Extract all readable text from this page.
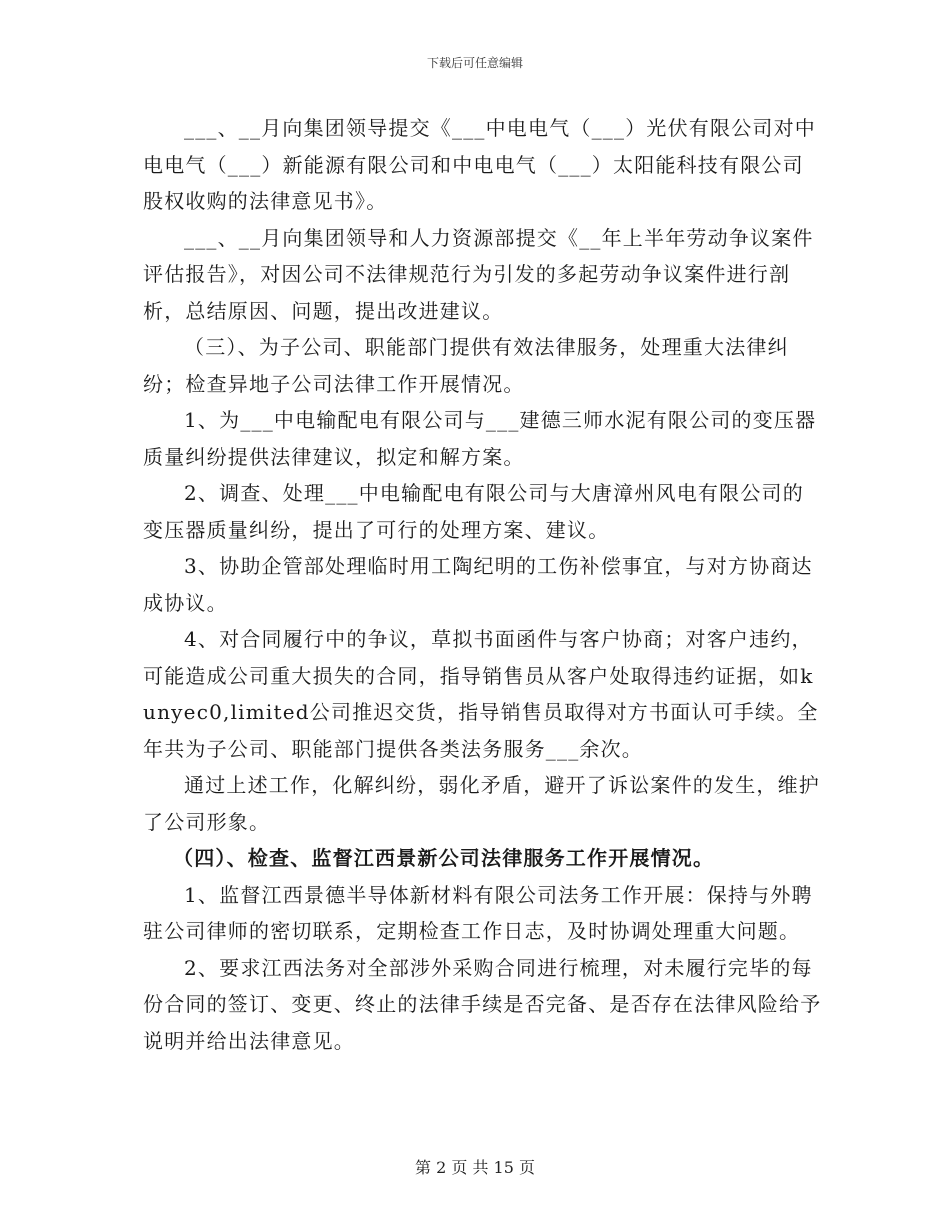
下载后可任意编辑

___、__月向集团领导提交《___中电电气（___）光伏有限公司对中电电气（___）新能源有限公司和中电电气（___）太阳能科技有限公司股权收购的法律意见书》。

___、__月向集团领导和人力资源部提交《__年上半年劳动争议案件评估报告》，对因公司不法律规范行为引发的多起劳动争议案件进行剖析，总结原因、问题，提出改进建议。

（三）、为子公司、职能部门提供有效法律服务，处理重大法律纠纷；检查异地子公司法律工作开展情况。

1、为___中电输配电有限公司与___建德三师水泥有限公司的变压器质量纠纷提供法律建议，拟定和解方案。

2、调查、处理___中电输配电有限公司与大唐漳州风电有限公司的变压器质量纠纷，提出了可行的处理方案、建议。

3、协助企管部处理临时用工陶纪明的工伤补偿事宜，与对方协商达成协议。

4、对合同履行中的争议，草拟书面函件与客户协商；对客户违约，可能造成公司重大损失的合同，指导销售员从客户处取得违约证据，如kunyec0,limited公司推迟交货，指导销售员取得对方书面认可手续。全年共为子公司、职能部门提供各类法务服务___余次。

通过上述工作，化解纠纷，弱化矛盾，避开了诉讼案件的发生，维护了公司形象。

（四）、检查、监督江西景新公司法律服务工作开展情况。

1、监督江西景德半导体新材料有限公司法务工作开展：保持与外聘驻公司律师的密切联系，定期检查工作日志，及时协调处理重大问题。

2、要求江西法务对全部涉外采购合同进行梳理，对未履行完毕的每份合同的签订、变更、终止的法律手续是否完备、是否存在法律风险给予说明并给出法律意见。

第 2 页 共 15 页
